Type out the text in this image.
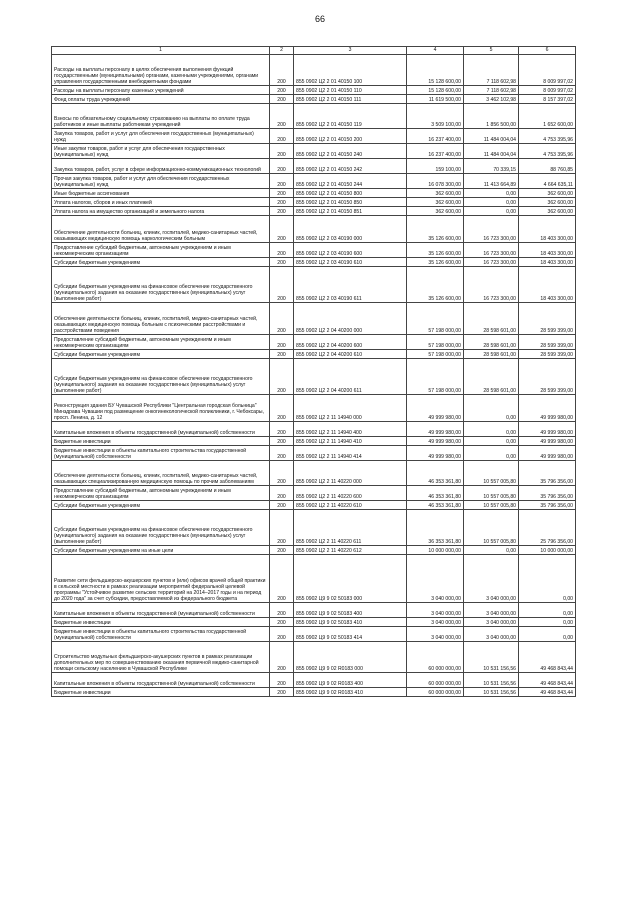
66
1	2	3	4	5	6
Расходы на выплаты персоналу в целях обеспечения выполнения функций государственными (муниципальными) органами, казенными учреждениями, органами управления государственными внебюджетными фондами	200	855 0902 Ц2 2 01 40150 100	15 128 600,00	7 118 602,98	8 009 997,02
Расходы на выплаты персоналу казенных учреждений	200	855 0902 Ц2 2 01 40150 110	15 128 600,00	7 118 602,98	8 009 997,02
Фонд оплаты труда учреждений	200	855 0902 Ц2 2 01 40150 111	11 619 500,00	3 462 102,98	8 157 397,02
Взносы по обязательному социальному страхованию на выплаты по оплате труда работников и иные выплаты работникам учреждений	200	855 0902 Ц2 2 01 40150 119	3 509 100,00	1 856 500,00	1 652 600,00
Закупка товаров, работ и услуг для обеспечения государственных (муниципальных) нужд	200	855 0902 Ц2 2 01 40150 200	16 237 400,00	11 484 004,04	4 753 395,96
Иные закупки товаров, работ и услуг для обеспечения государственных (муниципальных) нужд	200	855 0902 Ц2 2 01 40150 240	16 237 400,00	11 484 004,04	4 753 395,96
Закупка товаров, работ, услуг в сфере информационно-коммуникационных технологий	200	855 0902 Ц2 2 01 40150 242	159 100,00	70 339,15	88 760,85
Прочая закупка товаров, работ и услуг для обеспечения государственных (муниципальных) нужд	200	855 0902 Ц2 2 01 40150 244	16 078 300,00	11 413 664,89	4 664 635,11
Иные бюджетные ассигнования	200	855 0902 Ц2 2 01 40150 800	362 600,00	0,00	362 600,00
Уплата налогов, сборов и иных платежей	200	855 0902 Ц2 2 01 40150 850	362 600,00	0,00	362 600,00
Уплата налога на имущество организаций и земельного налога	200	855 0902 Ц2 2 01 40150 851	362 600,00	0,00	362 600,00
Обеспечение деятельности больниц, клиник, госпиталей, медико-санитарных частей, оказывающих медицинскую помощь наркологическим больным	200	855 0902 Ц2 2 03 40190 000	35 126 600,00	16 723 300,00	18 403 300,00
Предоставление субсидий бюджетным, автономным учреждениям и иным некоммерческим организациям	200	855 0902 Ц2 2 03 40190 600	35 126 600,00	16 723 300,00	18 403 300,00
Субсидии бюджетным учреждениям	200	855 0902 Ц2 2 03 40190 610	35 126 600,00	16 723 300,00	18 403 300,00
Субсидии бюджетным учреждениям на финансовое обеспечение государственного (муниципального) задания на оказание государственных (муниципальных) услуг (выполнение работ)	200	855 0902 Ц2 2 03 40190 611	35 126 600,00	16 723 300,00	18 403 300,00
Обеспечение деятельности больниц, клиник, госпиталей, медико-санитарных частей, оказывающих медицинскую помощь больным с психическими расстройствами и расстройствами поведения	200	855 0902 Ц2 2 04 40200 000	57 198 000,00	28 598 601,00	28 599 399,00
Предоставление субсидий бюджетным, автономным учреждениям и иным некоммерческим организациям	200	855 0902 Ц2 2 04 40200 600	57 198 000,00	28 598 601,00	28 599 399,00
Субсидии бюджетным учреждениям	200	855 0902 Ц2 2 04 40200 610	57 198 000,00	28 598 601,00	28 599 399,00
Субсидии бюджетным учреждениям на финансовое обеспечение государственного (муниципального) задания на оказание государственных (муниципальных) услуг (выполнение работ)	200	855 0902 Ц2 2 04 40200 611	57 198 000,00	28 598 601,00	28 599 399,00
Реконструкция здания БУ Чувашской Республики "Центральная городская больница" Минздрава Чувашии под размещение онкогинекологической поликлиники, г. Чебоксары, просп. Ленина, д. 12	200	855 0902 Ц2 2 11 14940 000	49 999 980,00	0,00	49 999 980,00
Капитальные вложения в объекты государственной (муниципальной) собственности	200	855 0902 Ц2 2 11 14940 400	49 999 980,00	0,00	49 999 980,00
Бюджетные инвестиции	200	855 0902 Ц2 2 11 14940 410	49 999 980,00	0,00	49 999 980,00
Бюджетные инвестиции в объекты капитального строительства государственной (муниципальной) собственности	200	855 0902 Ц2 2 11 14940 414	49 999 980,00	0,00	49 999 980,00
Обеспечение деятельности больниц, клиник, госпиталей, медико-санитарных частей, оказывающих специализированную медицинскую помощь по прочим заболеваниям	200	855 0902 Ц2 2 11 40220 000	46 353 361,80	10 557 005,80	35 796 356,00
Предоставление субсидий бюджетным, автономным учреждениям и иным некоммерческим организациям	200	855 0902 Ц2 2 11 40220 600	46 353 361,80	10 557 005,80	35 796 356,00
Субсидии бюджетным учреждениям	200	855 0902 Ц2 2 11 40220 610	46 353 361,80	10 557 005,80	35 796 356,00
Субсидии бюджетным учреждениям на финансовое обеспечение государственного (муниципального) задания на оказание государственных (муниципальных) услуг (выполнение работ)	200	855 0902 Ц2 2 11 40220 611	36 353 361,80	10 557 005,80	25 796 356,00
Субсидии бюджетным учреждениям на иные цели	200	855 0902 Ц2 2 11 40220 612	10 000 000,00	0,00	10 000 000,00
Развитие сети фельдшерско-акушерских пунктов и (или) офисов врачей общей практики в сельской местности в рамках реализации мероприятий федеральной целевой программы "Устойчивое развитие сельских территорий на 2014–2017 годы и на период до 2020 года" за счет субсидии, предоставляемой из федерального бюджета	200	855 0902 Ц9 9 02 50183 000	3 040 000,00	3 040 000,00	0,00
Капитальные вложения в объекты государственной (муниципальной) собственности	200	855 0902 Ц9 9 02 50183 400	3 040 000,00	3 040 000,00	0,00
Бюджетные инвестиции	200	855 0902 Ц9 9 02 50183 410	3 040 000,00	3 040 000,00	0,00
Бюджетные инвестиции в объекты капитального строительства государственной (муниципальной) собственности	200	855 0902 Ц9 9 02 50183 414	3 040 000,00	3 040 000,00	0,00
Строительство модульных фельдшерско-акушерских пунктов в рамках реализации дополнительных мер по совершенствованию оказания первичной медико-санитарной помощи сельскому населению в Чувашской Республике	200	855 0902 Ц9 9 02 R0183 000	60 000 000,00	10 531 156,56	49 468 843,44
Капитальные вложения в объекты государственной (муниципальной) собственности	200	855 0902 Ц9 9 02 R0183 400	60 000 000,00	10 531 156,56	49 468 843,44
Бюджетные инвестиции	200	855 0902 Ц9 9 02 R0183 410	60 000 000,00	10 531 156,56	49 468 843,44
